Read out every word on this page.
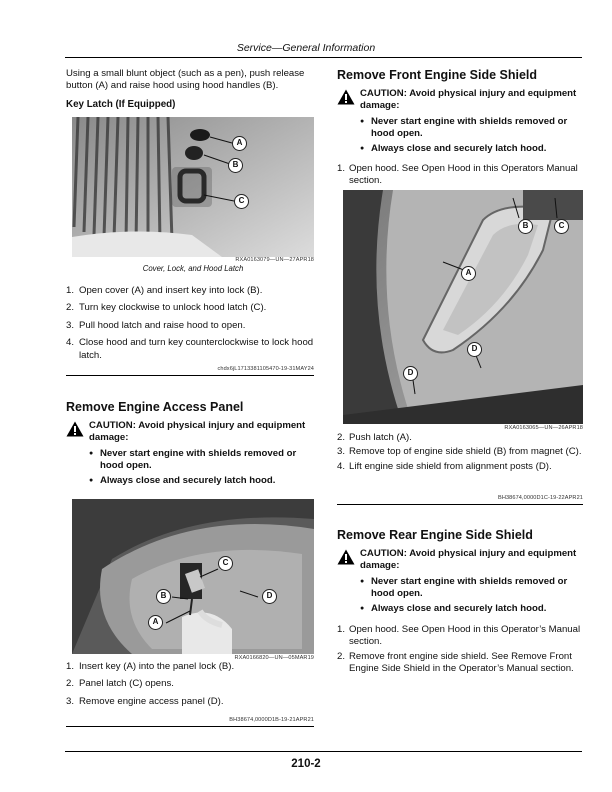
Service—General Information
Using a small blunt object (such as a pen), push release button (A) and raise hood using hood handles (B).
Key Latch (If Equipped)
A
B
C
RXA0163079—UN—27APR18
Cover, Lock, and Hood Latch
1. Open cover (A) and insert key into lock (B).
2. Turn key clockwise to unlock hood latch (C).
3. Pull hood latch and raise hood to open.
4. Close hood and turn key counterclockwise to lock hood latch.
chdx6jL1713381105470-19-31MAY24
Remove Engine Access Panel
CAUTION: Avoid physical injury and equipment damage:
● Never start engine with shields removed or hood open.
● Always close and securely latch hood.
A
B
C
D
RXA0166820—UN—05MAR19
1. Insert key (A) into the panel lock (B).
2. Panel latch (C) opens.
3. Remove engine access panel (D).
BH38674,0000D1B-19-21APR21
Remove Front Engine Side Shield
CAUTION: Avoid physical injury and equipment damage:
● Never start engine with shields removed or hood open.
● Always close and securely latch hood.
1. Open hood. See Open Hood in this Operators Manual section.
A
B	C
D
D
RXA0163065—UN—26APR18
2. Push latch (A).
3. Remove top of engine side shield (B) from magnet (C).
4. Lift engine side shield from alignment posts (D).
BH38674,0000D1C-19-22APR21
Remove Rear Engine Side Shield
CAUTION: Avoid physical injury and equipment damage:
● Never start engine with shields removed or hood open.
● Always close and securely latch hood.
1. Open hood. See Open Hood in this Operator’s Manual section.
2. Remove front engine side shield. See Remove Front Engine Side Shield in the Operator’s Manual section.
210-2
